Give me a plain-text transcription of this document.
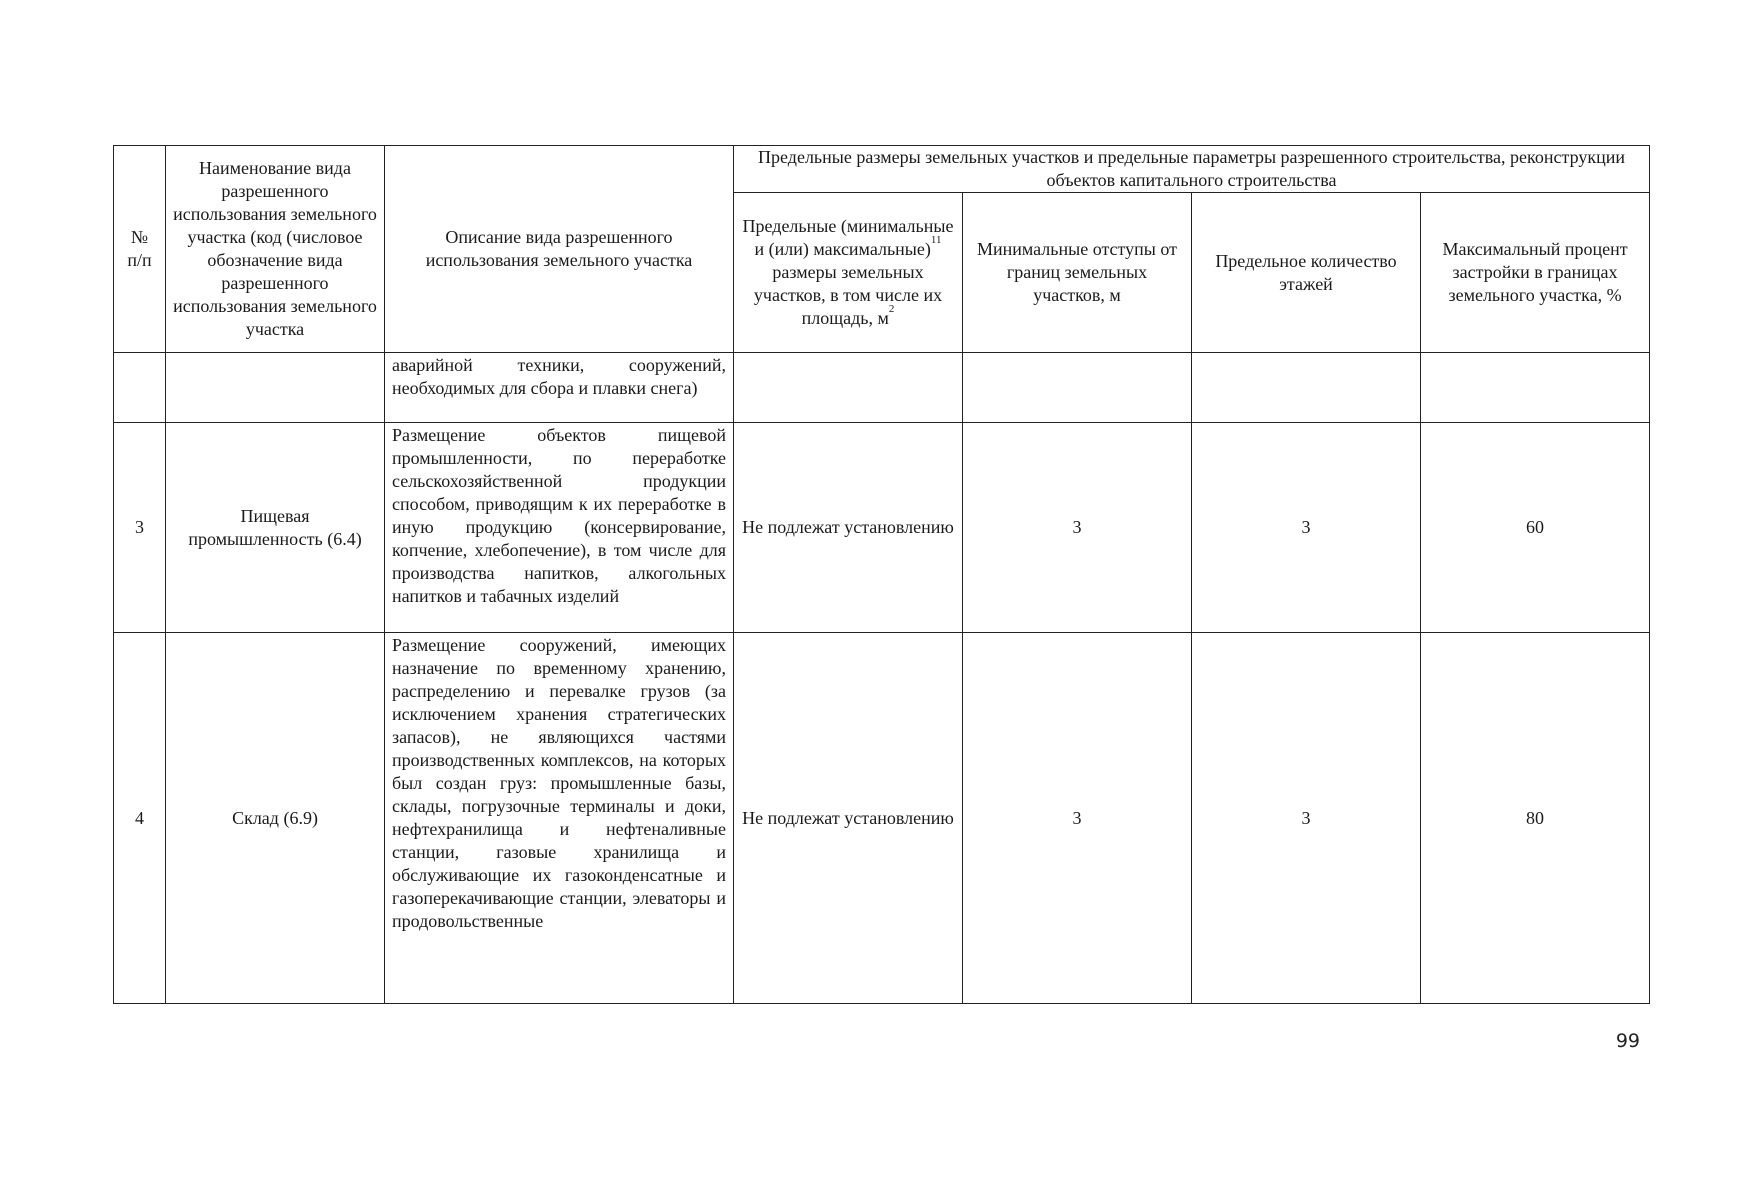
№
п/п	Наименование вида разрешенного использования земельного участка (код (числовое обозначение вида разрешенного использования земельного участка	Описание вида разрешенного использования земельного участка	Предельные размеры земельных участков и предельные параметры разрешенного строительства, реконструкции объектов капитального строительства			
			Предельные (минимальные и (или) максимальные)$^{11}$ размеры земельных участков, в том числе их площадь, $м^2$	Минимальные отступы от границ земельных участков, м	Предельное количество этажей	Максимальный процент застройки в границах земельного участка, %
		аварийной техники, сооружений, необходимых для сбора и плавки снега)				
3	Пищевая промышленность (6.4)	Размещение объектов пищевой промышленности, по переработке сельскохозяйственной продукции способом, приводящим к их переработке в иную продукцию (консервирование, копчение, хлебопечение), в том числе для производства напитков, алкогольных напитков и табачных изделий	Не подлежат установлению	3	3	60
4	Склад (6.9)	Размещение сооружений, имеющих назначение по временному хранению, распределению и перевалке грузов (за исключением хранения стратегических запасов), не являющихся частями производственных комплексов, на которых был создан груз: промышленные базы, склады, погрузочные терминалы и доки, нефтехранилища и нефтеналивные станции, газовые хранилища и обслуживающие их газоконденсатные и газоперекачивающие станции, элеваторы и продовольственные	Не подлежат установлению	3	3	80
99
